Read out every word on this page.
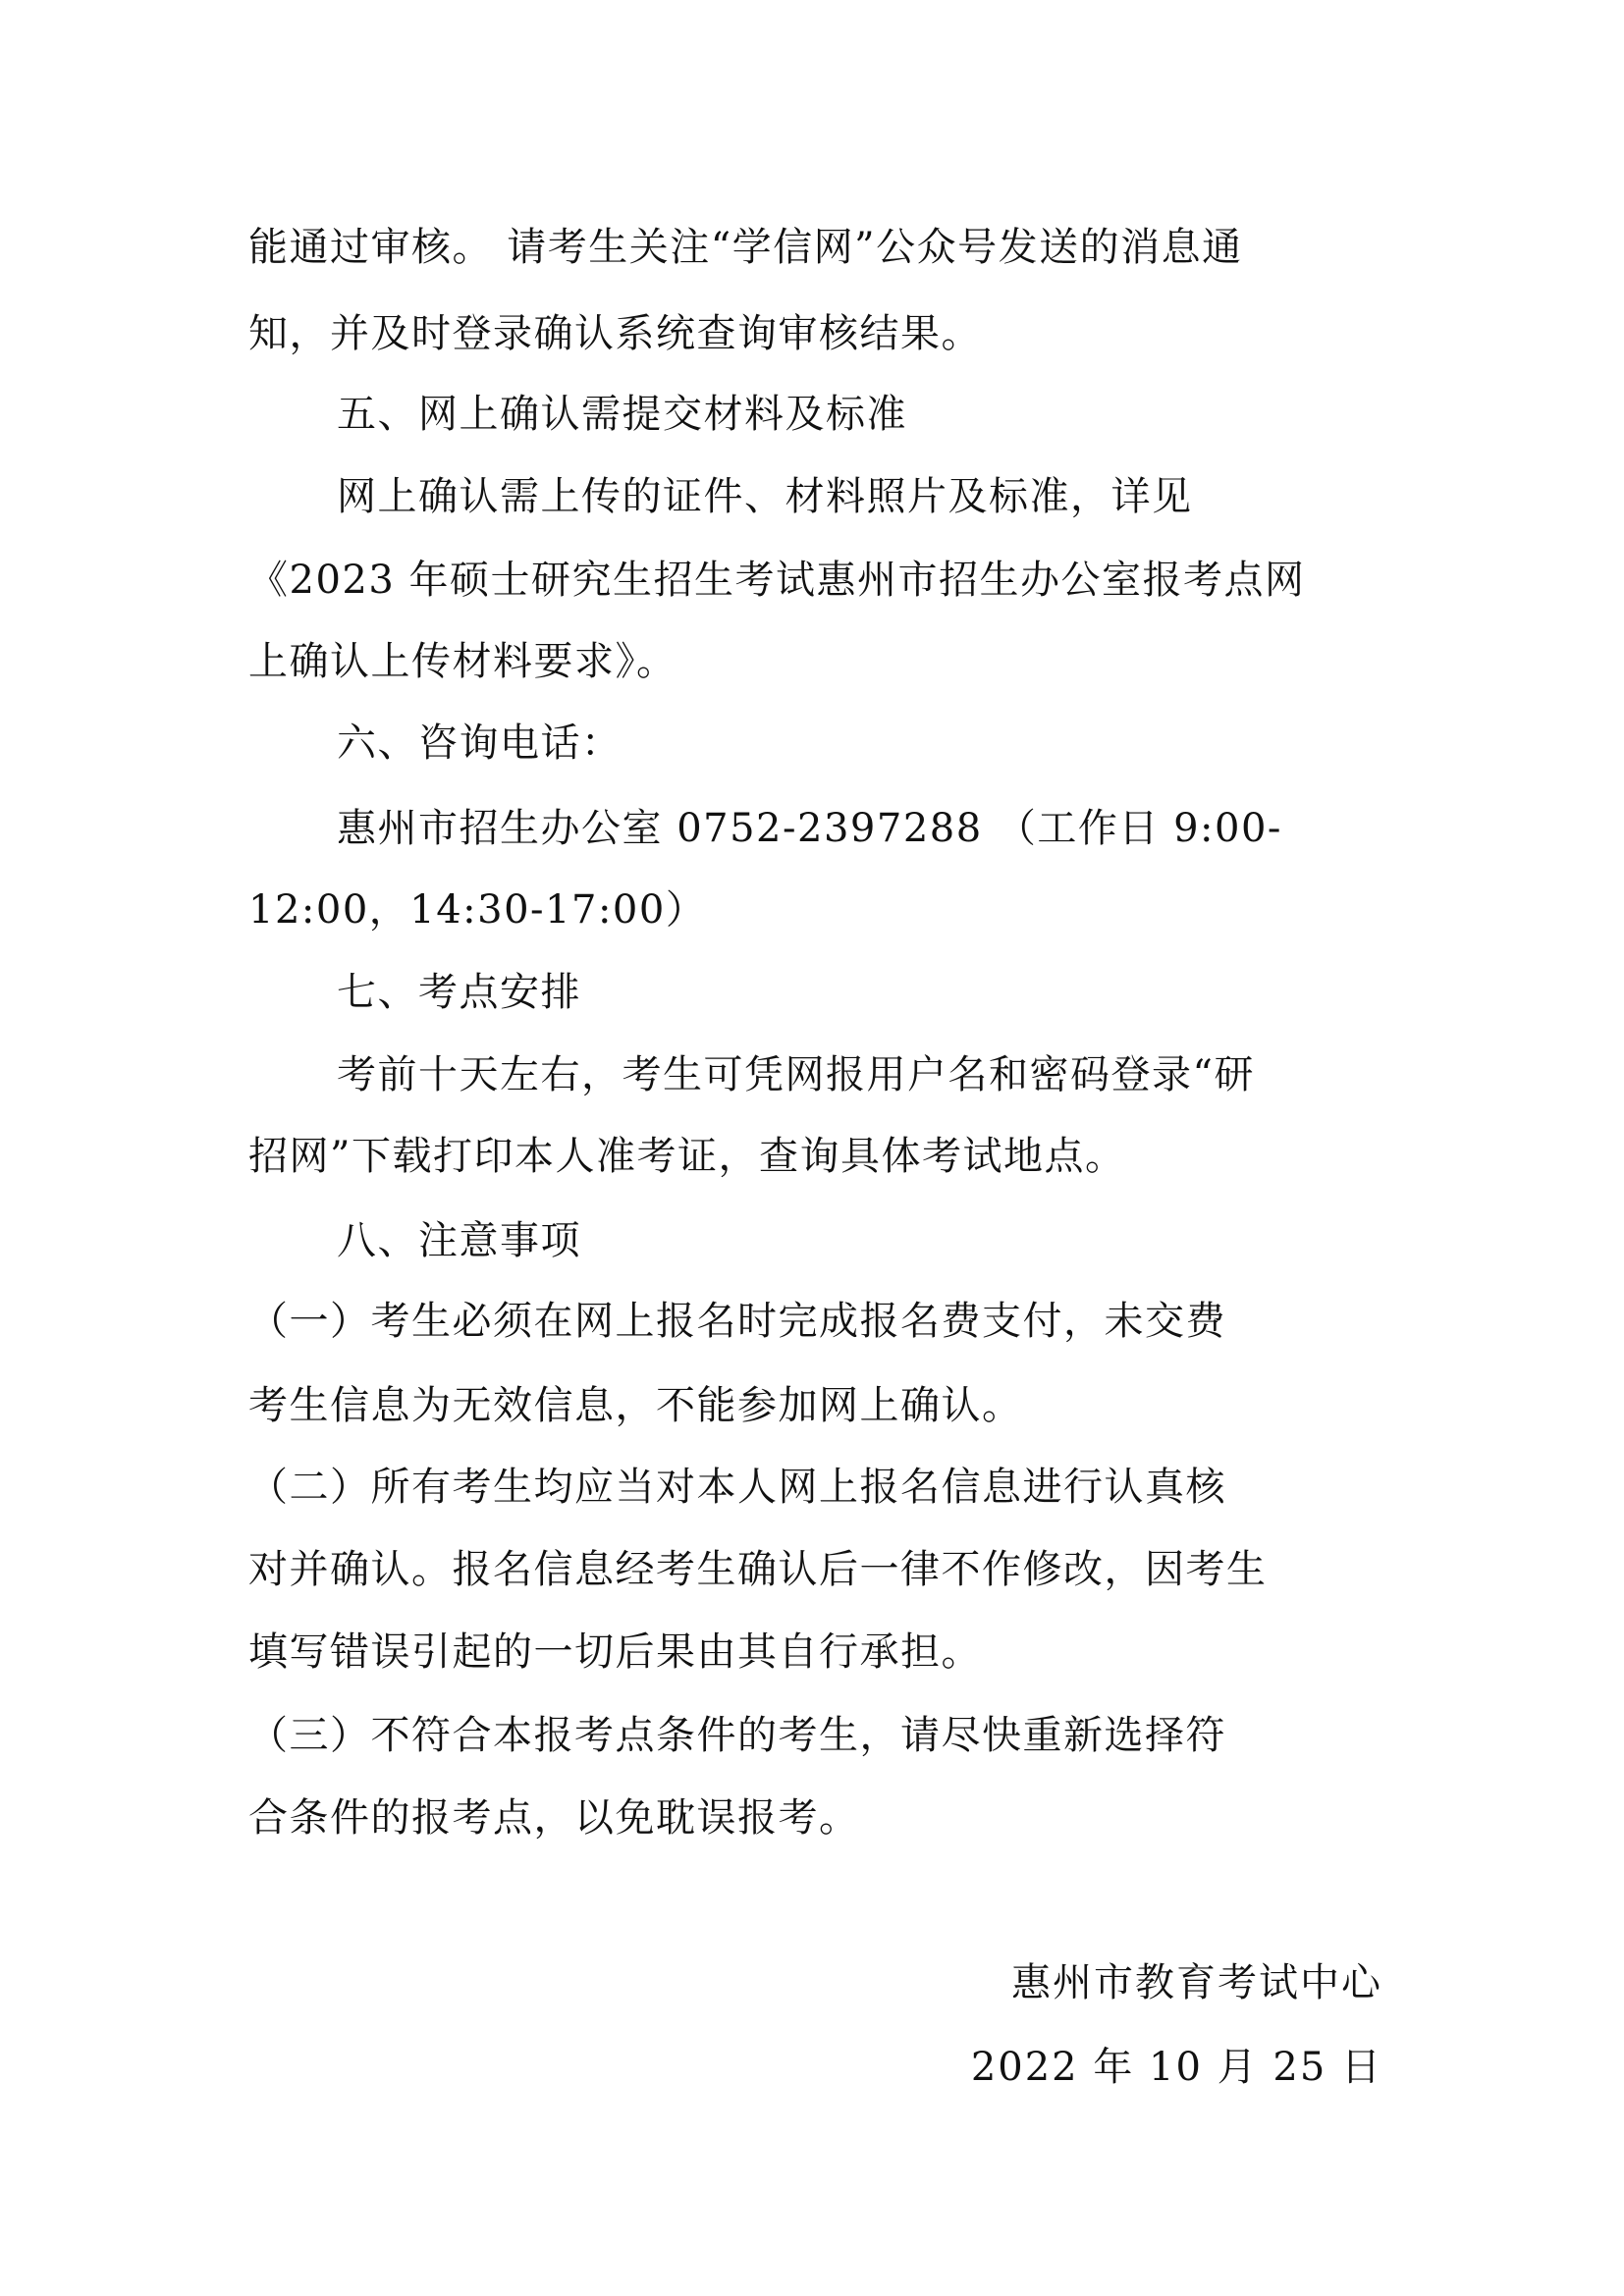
能通过审核。 请考生关注“学信网”公众号发送的消息通
知，并及时登录确认系统查询审核结果。
五、网上确认需提交材料及标准
网上确认需上传的证件、材料照片及标准，详见
《2023 年硕士研究生招生考试惠州市招生办公室报考点网
上确认上传材料要求》。
六、咨询电话：
惠州市招生办公室 0752-2397288 （工作日 9:00-
12:00，14:30-17:00）
七、考点安排
考前十天左右，考生可凭网报用户名和密码登录“研
招网”下载打印本人准考证，查询具体考试地点。
八、注意事项
（一）考生必须在网上报名时完成报名费支付，未交费
考生信息为无效信息，不能参加网上确认。
（二）所有考生均应当对本人网上报名信息进行认真核
对并确认。报名信息经考生确认后一律不作修改，因考生
填写错误引起的一切后果由其自行承担。
（三）不符合本报考点条件的考生，请尽快重新选择符
合条件的报考点，以免耽误报考。
惠州市教育考试中心
2022 年 10 月 25 日
